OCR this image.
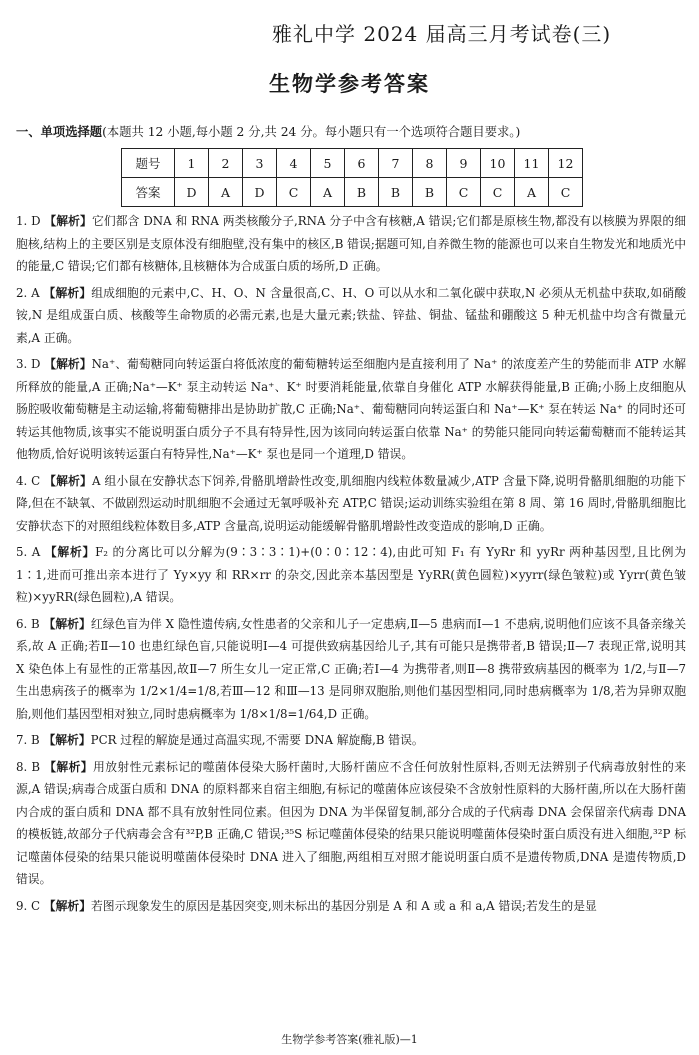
雅礼中学 2024 届高三月考试卷(三)
生物学参考答案
一、单项选择题(本题共 12 小题,每小题 2 分,共 24 分。每小题只有一个选项符合题目要求。)
题号	1	2	3	4	5	6	7	8	9	10	11	12
答案	D	A	D	C	A	B	B	B	C	C	A	C
1. D 【解析】它们都含 DNA 和 RNA 两类核酸分子,RNA 分子中含有核糖,A 错误;它们都是原核生物,都没有以核膜为界限的细胞核,结构上的主要区别是支原体没有细胞壁,没有集中的核区,B 错误;据题可知,自养微生物的能源也可以来自生物发光和地质光中的能量,C 错误;它们都有核糖体,且核糖体为合成蛋白质的场所,D 正确。
2. A 【解析】组成细胞的元素中,C、H、O、N 含量很高,C、H、O 可以从水和二氧化碳中获取,N 必须从无机盐中获取,如硝酸铵,N 是组成蛋白质、核酸等生命物质的必需元素,也是大量元素;铁盐、锌盐、铜盐、锰盐和硼酸这 5 种无机盐中均含有微量元素,A 正确。
3. D 【解析】Na⁺、葡萄糖同向转运蛋白将低浓度的葡萄糖转运至细胞内是直接利用了 Na⁺ 的浓度差产生的势能而非 ATP 水解所释放的能量,A 正确;Na⁺—K⁺ 泵主动转运 Na⁺、K⁺ 时要消耗能量,依靠自身催化 ATP 水解获得能量,B 正确;小肠上皮细胞从肠腔吸收葡萄糖是主动运输,将葡萄糖排出是协助扩散,C 正确;Na⁺、葡萄糖同向转运蛋白和 Na⁺—K⁺ 泵在转运 Na⁺ 的同时还可转运其他物质,该事实不能说明蛋白质分子不具有特异性,因为该同向转运蛋白依靠 Na⁺ 的势能只能同向转运葡萄糖而不能转运其他物质,恰好说明该转运蛋白有特异性,Na⁺—K⁺ 泵也是同一个道理,D 错误。
4. C 【解析】A 组小鼠在安静状态下饲养,骨骼肌增龄性改变,肌细胞内线粒体数量减少,ATP 含量下降,说明骨骼肌细胞的功能下降,但在不缺氧、不做剧烈运动时肌细胞不会通过无氧呼吸补充 ATP,C 错误;运动训练实验组在第 8 周、第 16 周时,骨骼肌细胞比安静状态下的对照组线粒体数目多,ATP 含量高,说明运动能缓解骨骼肌增龄性改变造成的影响,D 正确。
5. A 【解析】F₂ 的分离比可以分解为(9∶3∶3∶1)+(0∶0∶12∶4),由此可知 F₁ 有 YyRr 和 yyRr 两种基因型,且比例为 1∶1,进而可推出亲本进行了 Yy×yy 和 RR×rr 的杂交,因此亲本基因型是 YyRR(黄色圆粒)×yyrr(绿色皱粒)或 Yyrr(黄色皱粒)×yyRR(绿色圆粒),A 错误。
6. B 【解析】红绿色盲为伴 X 隐性遗传病,女性患者的父亲和儿子一定患病,Ⅱ—5 患病而Ⅰ—1 不患病,说明他们应该不具备亲缘关系,故 A 正确;若Ⅱ—10 也患红绿色盲,只能说明Ⅰ—4 可提供致病基因给儿子,其有可能只是携带者,B 错误;Ⅱ—7 表现正常,说明其 X 染色体上有显性的正常基因,故Ⅱ—7 所生女儿一定正常,C 正确;若Ⅰ—4 为携带者,则Ⅱ—8 携带致病基因的概率为 1/2,与Ⅱ—7 生出患病孩子的概率为 1/2×1/4=1/8,若Ⅲ—12 和Ⅲ—13 是同卵双胞胎,则他们基因型相同,同时患病概率为 1/8,若为异卵双胞胎,则他们基因型相对独立,同时患病概率为 1/8×1/8=1/64,D 正确。
7. B 【解析】PCR 过程的解旋是通过高温实现,不需要 DNA 解旋酶,B 错误。
8. B 【解析】用放射性元素标记的噬菌体侵染大肠杆菌时,大肠杆菌应不含任何放射性原料,否则无法辨别子代病毒放射性的来源,A 错误;病毒合成蛋白质和 DNA 的原料都来自宿主细胞,有标记的噬菌体应该侵染不含放射性原料的大肠杆菌,所以在大肠杆菌内合成的蛋白质和 DNA 都不具有放射性同位素。但因为 DNA 为半保留复制,部分合成的子代病毒 DNA 会保留亲代病毒 DNA 的模板链,故部分子代病毒会含有³²P,B 正确,C 错误;³⁵S 标记噬菌体侵染的结果只能说明噬菌体侵染时蛋白质没有进入细胞,³²P 标记噬菌体侵染的结果只能说明噬菌体侵染时 DNA 进入了细胞,两组相互对照才能说明蛋白质不是遗传物质,DNA 是遗传物质,D 错误。
9. C 【解析】若图示现象发生的原因是基因突变,则未标出的基因分别是 A 和 A 或 a 和 a,A 错误;若发生的是显
生物学参考答案(雅礼版)—1
